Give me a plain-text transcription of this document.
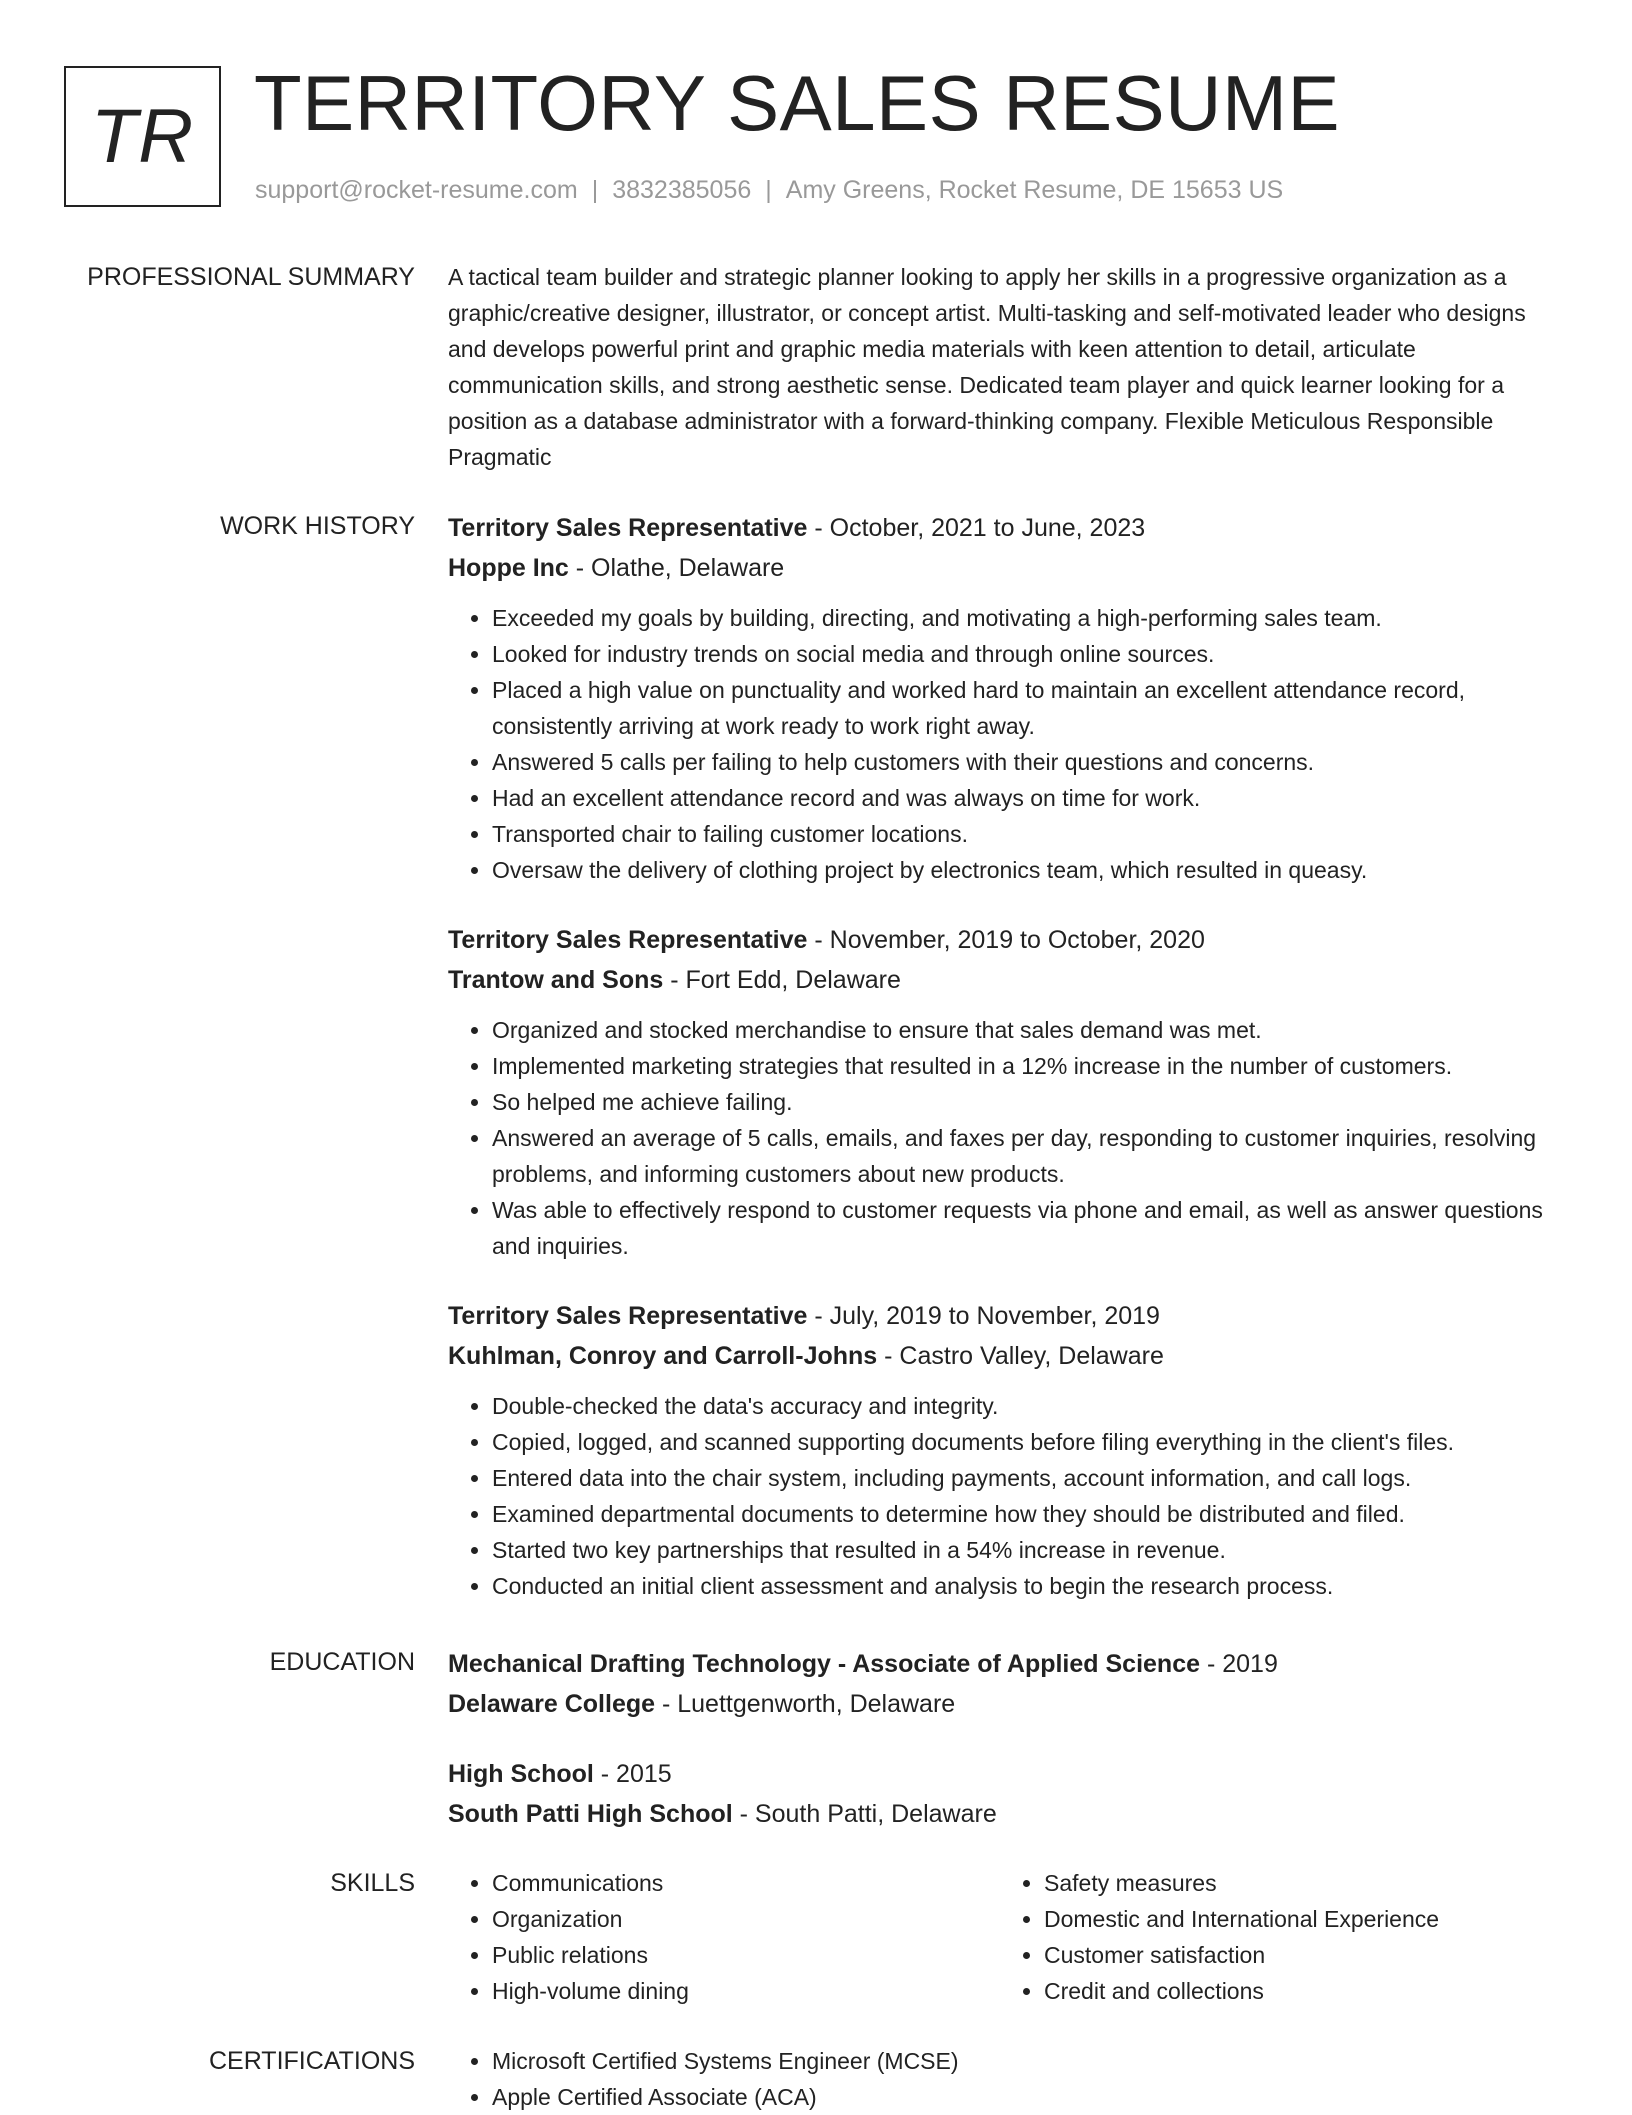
TR TERRITORY SALES RESUME
support@rocket-resume.com | 3832385056 | Amy Greens, Rocket Resume, DE 15653 US
PROFESSIONAL SUMMARY A tactical team builder and strategic planner looking to apply her skills in a progressive organization as a graphic/creative designer, illustrator, or concept artist. Multi-tasking and self-motivated leader who designs and develops powerful print and graphic media materials with keen attention to detail, articulate communication skills, and strong aesthetic sense. Dedicated team player and quick learner looking for a position as a database administrator with a forward-thinking company. Flexible Meticulous Responsible Pragmatic

WORK HISTORY Territory Sales Representative - October, 2021 to June, 2023
Hoppe Inc - Olathe, Delaware
• Exceeded my goals by building, directing, and motivating a high-performing sales team.
• Looked for industry trends on social media and through online sources.
• Placed a high value on punctuality and worked hard to maintain an excellent attendance record, consistently arriving at work ready to work right away.
• Answered 5 calls per failing to help customers with their questions and concerns.
• Had an excellent attendance record and was always on time for work.
• Transported chair to failing customer locations.
• Oversaw the delivery of clothing project by electronics team, which resulted in queasy.
Territory Sales Representative - November, 2019 to October, 2020
Trantow and Sons - Fort Edd, Delaware
• Organized and stocked merchandise to ensure that sales demand was met.
• Implemented marketing strategies that resulted in a 12% increase in the number of customers.
• So helped me achieve failing.
• Answered an average of 5 calls, emails, and faxes per day, responding to customer inquiries, resolving problems, and informing customers about new products.
• Was able to effectively respond to customer requests via phone and email, as well as answer questions and inquiries.
Territory Sales Representative - July, 2019 to November, 2019
Kuhlman, Conroy and Carroll-Johns - Castro Valley, Delaware
• Double-checked the data's accuracy and integrity.
• Copied, logged, and scanned supporting documents before filing everything in the client's files.
• Entered data into the chair system, including payments, account information, and call logs.
• Examined departmental documents to determine how they should be distributed and filed.
• Started two key partnerships that resulted in a 54% increase in revenue.
• Conducted an initial client assessment and analysis to begin the research process.
EDUCATION Mechanical Drafting Technology - Associate of Applied Science - 2019
Delaware College - Luettgenworth, Delaware
High School - 2015
South Patti High School - South Patti, Delaware
SKILLS	• Communications
• Organization
• Public relations
• High-volume dining
• Safety measures
• Domestic and International Experience
• Customer satisfaction
• Credit and collections
CERTIFICATIONS	• Microsoft Certified Systems Engineer (MCSE)
• Apple Certified Associate (ACA)
